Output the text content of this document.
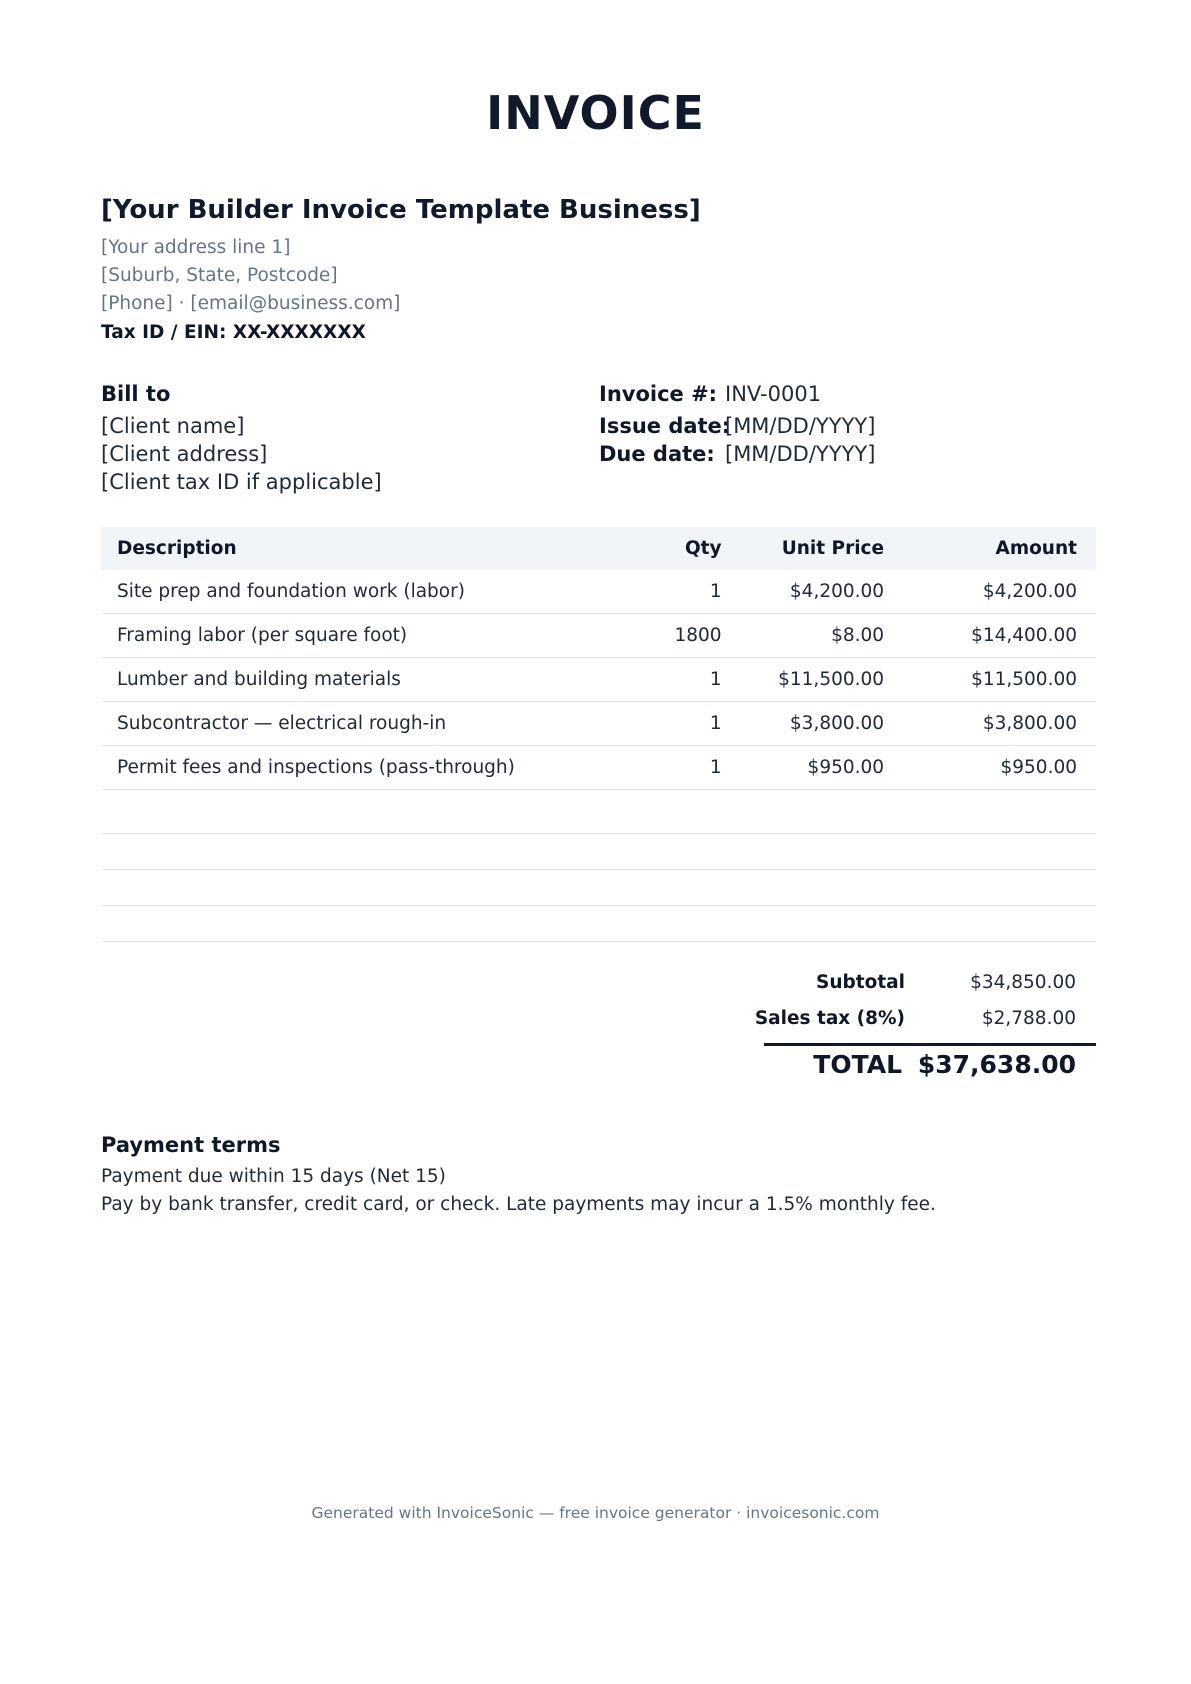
INVOICE
[Your Builder Invoice Template Business]
[Your address line 1]
[Suburb, State, Postcode]
[Phone] · [email@business.com]
Tax ID / EIN: XX-XXXXXXX
Bill to
[Client name]
[Client address]
[Client tax ID if applicable]
Invoice #: INV-0001
Issue date:
[MM/DD/YYYY]
Due date: [MM/DD/YYYY]
Description	Qty	Unit Price	Amount
Site prep and foundation work (labor)	1	$4,200.00	$4,200.00
Framing labor (per square foot)	1800	$8.00	$14,400.00
Lumber and building materials	1	$11,500.00	$11,500.00
Subcontractor — electrical rough-in	1	$3,800.00	$3,800.00
Permit fees and inspections (pass-through)	1	$950.00	$950.00

Subtotal	$34,850.00
Sales tax (8%)	$2,788.00
TOTAL $37,638.00
Payment terms
Payment due within 15 days (Net 15)
Pay by bank transfer, credit card, or check. Late payments may incur a 1.5% monthly fee.
Generated with InvoiceSonic — free invoice generator · invoicesonic.com
